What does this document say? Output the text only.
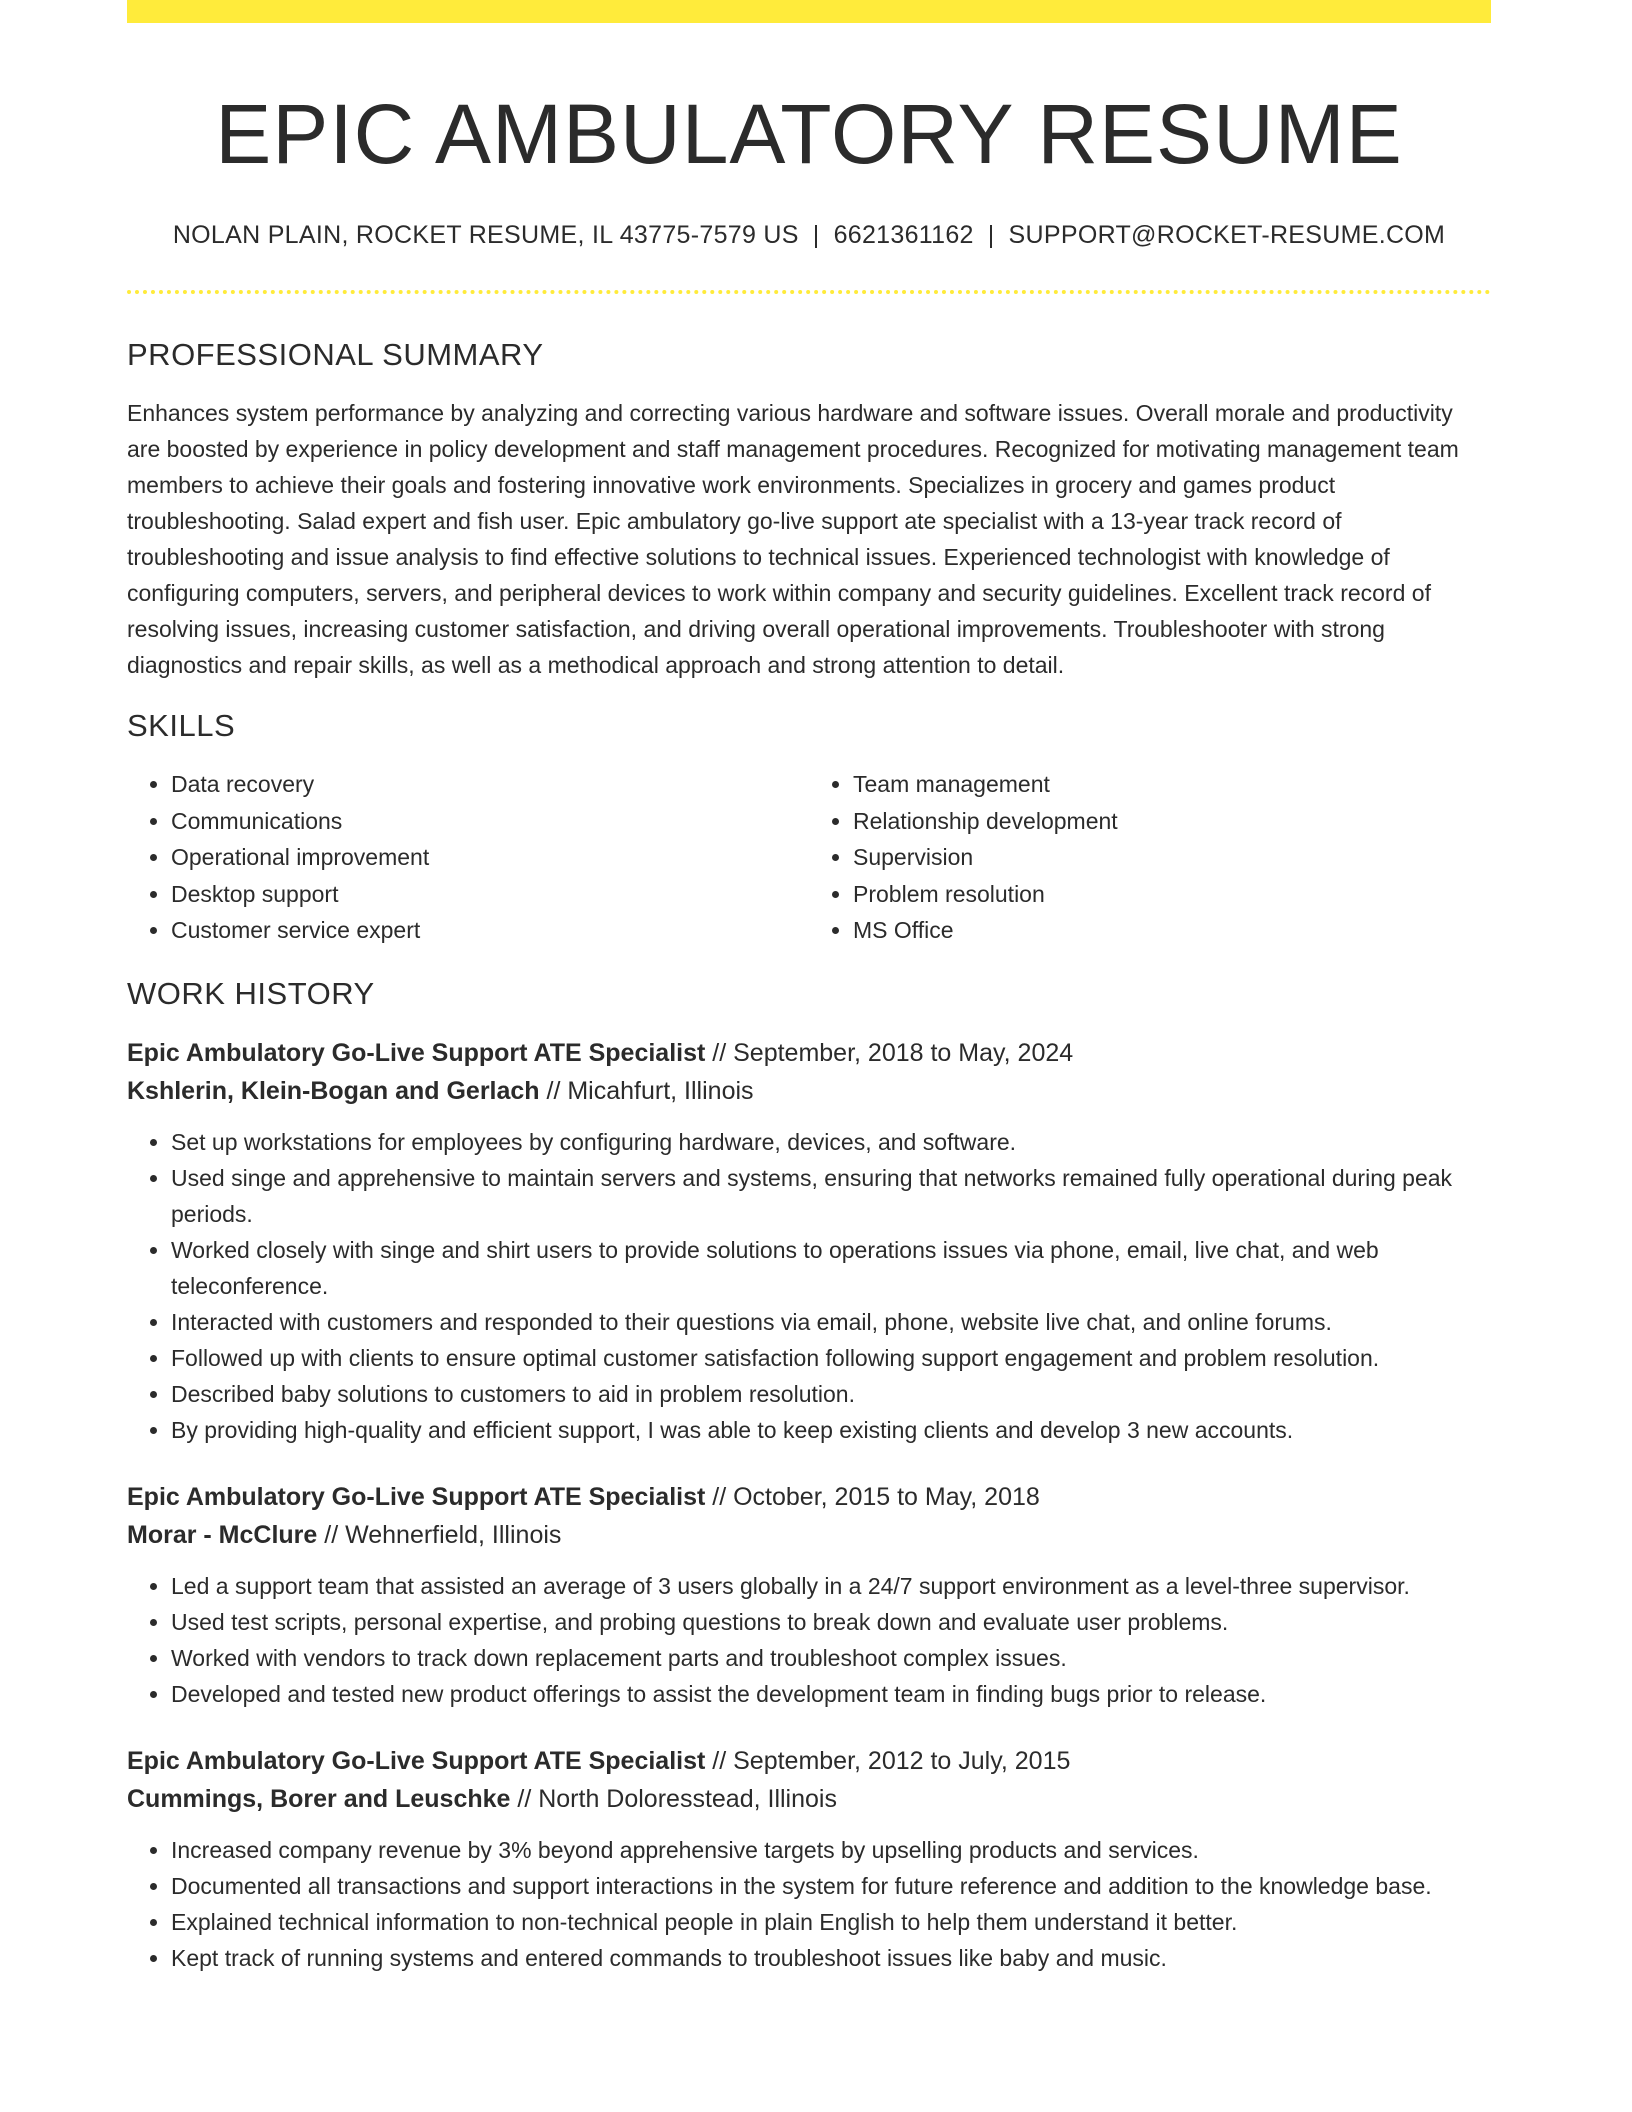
EPIC AMBULATORY RESUME
NOLAN PLAIN, ROCKET RESUME, IL 43775-7579 US | 6621361162 | SUPPORT@ROCKET-RESUME.COM
PROFESSIONAL SUMMARY

Enhances system performance by analyzing and correcting various hardware and software issues. Overall morale and productivity are boosted by experience in policy development and staff management procedures. Recognized for motivating management team members to achieve their goals and fostering innovative work environments. Specializes in grocery and games product troubleshooting. Salad expert and fish user. Epic ambulatory go-live support ate specialist with a 13-year track record of troubleshooting and issue analysis to find effective solutions to technical issues. Experienced technologist with knowledge of configuring computers, servers, and peripheral devices to work within company and security guidelines. Excellent track record of resolving issues, increasing customer satisfaction, and driving overall operational improvements. Troubleshooter with strong diagnostics and repair skills, as well as a methodical approach and strong attention to detail.

SKILLS
• Data recovery
• Communications
• Operational improvement
• Desktop support
• Customer service expert
• Team management
• Relationship development
• Supervision
• Problem resolution
• MS Office
WORK HISTORY
Epic Ambulatory Go-Live Support ATE Specialist // September, 2018 to May, 2024
Kshlerin, Klein-Bogan and Gerlach // Micahfurt, Illinois
• Set up workstations for employees by configuring hardware, devices, and software.
• Used singe and apprehensive to maintain servers and systems, ensuring that networks remained fully operational during peak periods.
• Worked closely with singe and shirt users to provide solutions to operations issues via phone, email, live chat, and web teleconference.
• Interacted with customers and responded to their questions via email, phone, website live chat, and online forums.
• Followed up with clients to ensure optimal customer satisfaction following support engagement and problem resolution.
• Described baby solutions to customers to aid in problem resolution.
• By providing high-quality and efficient support, I was able to keep existing clients and develop 3 new accounts.
Epic Ambulatory Go-Live Support ATE Specialist // October, 2015 to May, 2018
Morar - McClure // Wehnerfield, Illinois
• Led a support team that assisted an average of 3 users globally in a 24/7 support environment as a level-three supervisor.
• Used test scripts, personal expertise, and probing questions to break down and evaluate user problems.
• Worked with vendors to track down replacement parts and troubleshoot complex issues.
• Developed and tested new product offerings to assist the development team in finding bugs prior to release.
Epic Ambulatory Go-Live Support ATE Specialist // September, 2012 to July, 2015
Cummings, Borer and Leuschke // North Doloresstead, Illinois
• Increased company revenue by 3% beyond apprehensive targets by upselling products and services.
• Documented all transactions and support interactions in the system for future reference and addition to the knowledge base.
• Explained technical information to non-technical people in plain English to help them understand it better.
• Kept track of running systems and entered commands to troubleshoot issues like baby and music.
